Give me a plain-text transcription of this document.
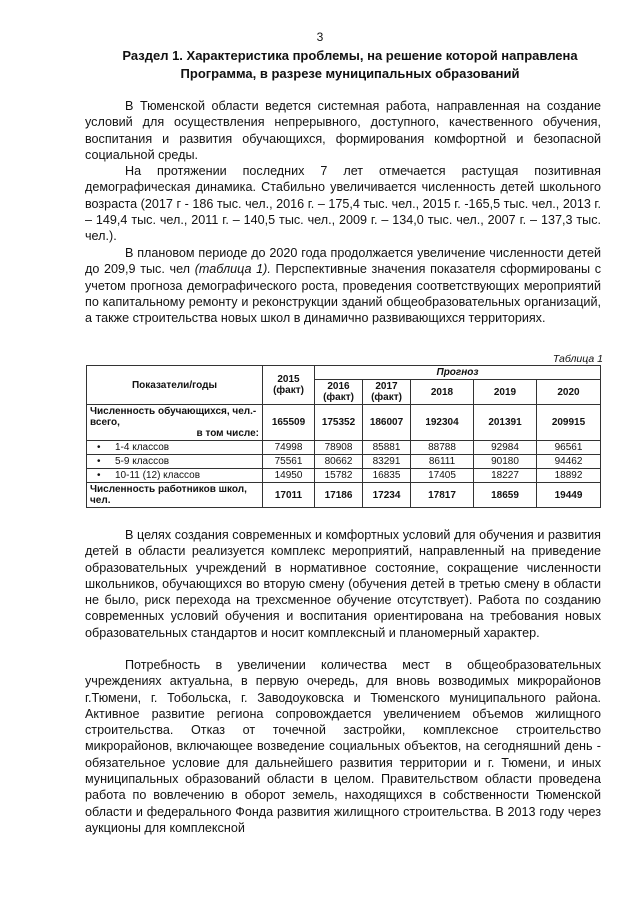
3
Раздел 1. Характеристика проблемы, на решение которой направлена
Программа, в разрезе муниципальных образований

В Тюменской области ведется системная работа, направленная на создание условий для осуществления непрерывного, доступного, качественного обучения, воспитания и развития обучающихся, формирования комфортной и безопасной социальной среды.

На протяжении последних 7 лет отмечается растущая позитивная демографическая динамика. Стабильно увеличивается численность детей школьного возраста (2017 г - 186 тыс. чел., 2016 г. – 175,4 тыс. чел., 2015 г. -165,5 тыс. чел., 2013 г. – 149,4 тыс. чел., 2011 г. – 140,5 тыс. чел., 2009 г. – 134,0 тыс. чел., 2007 г. – 137,3 тыс. чел.).

В плановом периоде до 2020 года продолжается увеличение численности детей до 209,9 тыс. чел (таблица 1). Перспективные значения показателя сформированы с учетом прогноза демографического роста, проведения соответствующих мероприятий по капитальному ремонту и реконструкции зданий общеобразовательных организаций, а также строительства новых школ в динамично развивающихся территориях.

Таблица 1
Показатели/годы	2015 (факт)	Прогноз				
		2016 (факт)	2017 (факт)	2018	2019	2020
Численность обучающихся, чел.- всего,
в том числе:	165509	175352	186007	192304	201391	209915
• 1-4 классов	74998	78908	85881	88788	92984	96561
• 5-9 классов	75561	80662	83291	86111	90180	94462
• 10-11 (12) классов	14950	15782	16835	17405	18227	18892
Численность работников школ, чел.	17011	17186	17234	17817	18659	19449

В целях создания современных и комфортных условий для обучения и развития детей в области реализуется комплекс мероприятий, направленный на приведение образовательных учреждений в нормативное состояние, сокращение численности школьников, обучающихся во вторую смену (обучения детей в третью смену в области не было, риск перехода на трехсменное обучение отсутствует). Работа по созданию современных условий обучения и воспитания ориентирована на требования новых образовательных стандартов и носит комплексный и планомерный характер.

Потребность в увеличении количества мест в общеобразовательных учреждениях актуальна, в первую очередь, для вновь возводимых микрорайонов г.Тюмени, г. Тобольска, г. Заводоуковска и Тюменского муниципального района. Активное развитие региона сопровождается увеличением объемов жилищного строительства. Отказ от точечной застройки, комплексное строительство микрорайонов, включающее возведение социальных объектов, на сегодняшний день - обязательное условие для дальнейшего развития территории и г. Тюмени, и иных муниципальных образований области в целом. Правительством области проведена работа по вовлечению в оборот земель, находящихся в собственности Тюменской области и федерального Фонда развития жилищного строительства. В 2013 году через аукционы для комплексной
